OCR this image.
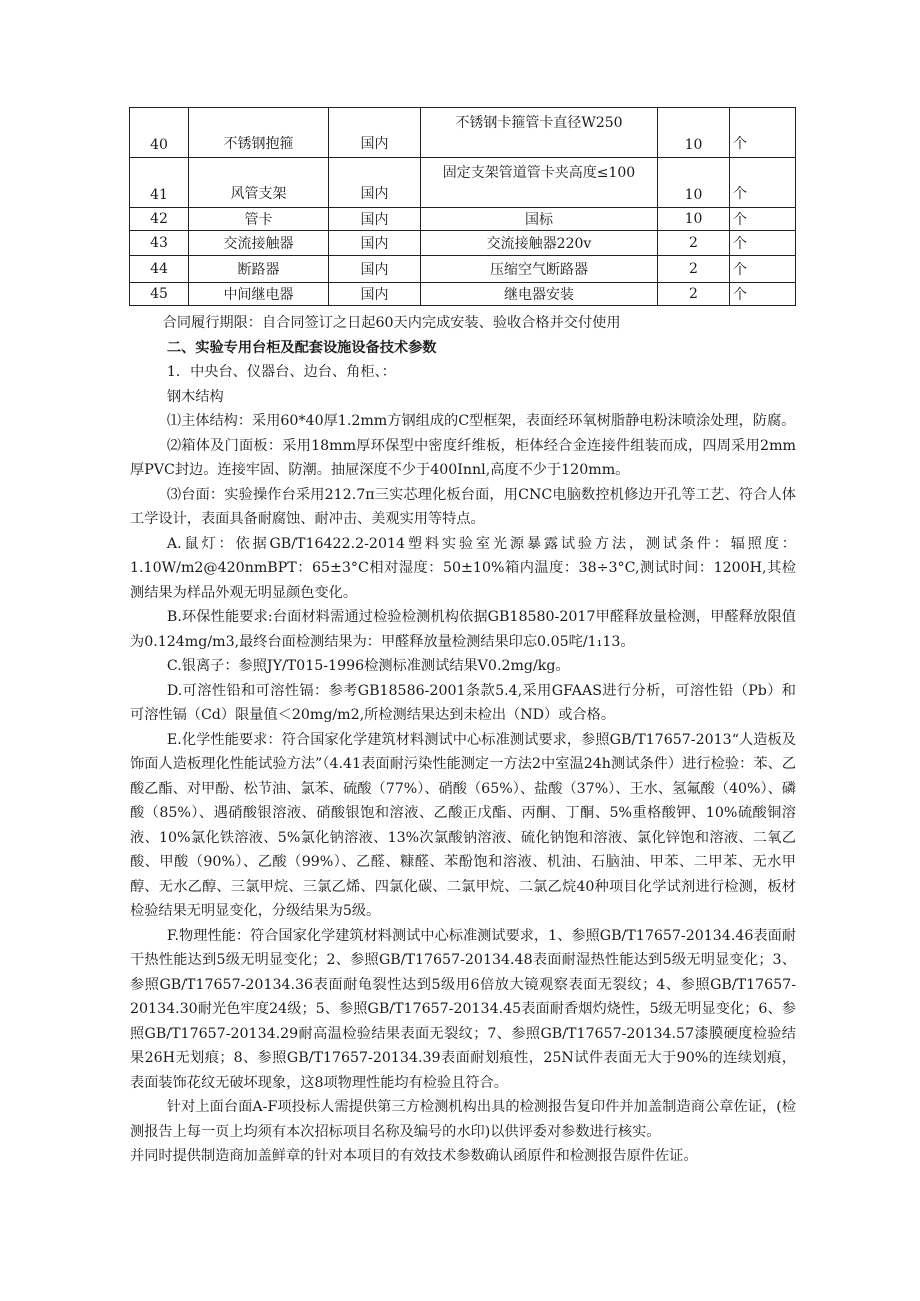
40	不锈钢抱箍	国内	不锈钢卡箍管卡直径W250	10	个
41	风管支架	国内	固定支架管道管卡夹高度≤100	10	个
42	管卡	国内	国标	10	个
43	交流接触器	国内	交流接触器220v	2	个
44	断路器	国内	压缩空气断路器	2	个
45	中间继电器	国内	继电器安装	2	个

合同履行期限：自合同签订之日起60天内完成安装、验收合格并交付使用

二、实验专用台柜及配套设施设备技术参数

1．中央台、仪器台、边台、角柜、：

钢木结构

⑴主体结构：采用60*40厚1.2mm方钢组成的C型框架，表面经环氧树脂静电粉沫喷涂处理，防腐。

⑵箱体及门面板：采用18mm厚环保型中密度纤维板，柜体经合金连接件组装而成，四周采用2mm厚PVC封边。连接牢固、防潮。抽屉深度不少于400Innl,高度不少于120mm。

⑶台面：实验操作台采用212.7π三实芯理化板台面，用CNC电脑数控机修边开孔等工艺、符合人体工学设计，表面具备耐腐蚀、耐冲击、美观实用等特点。

A.鼠灯：依据GB/T16422.2-2014塑料实验室光源暴露试验方法，测试条件：辐照度：1.10W/m2@420nmBPT：65±3°C相对湿度：50±10%箱内温度：38÷3°C,测试时间：1200H,其检测结果为样品外观无明显颜色变化。

B.环保性能要求:台面材料需通过检验检测机构依据GB18580-2017甲醛释放量检测，甲醛释放限值为0.124mg/m3,最终台面检测结果为：甲醛释放量检测结果印忘0.05咤/1₁13。

C.银离子：参照JY/T015-1996检测标准测试结果V0.2mg/kg。

D.可溶性铅和可溶性镉：参考GB18586-2001条款5.4,采用GFAAS进行分析，可溶性铅（Pb）和可溶性镉（Cd）限量值＜20mg/m2,所检测结果达到未检出（ND）或合格。

E.化学性能要求：符合国家化学建筑材料测试中心标准测试要求，参照GB/T17657-2013“人造板及饰面人造板理化性能试验方法”（4.41表面耐污染性能测定一方法2中室温24h测试条件）进行检验：苯、乙酸乙酯、对甲酚、松节油、氯苯、硫酸（77%）、硝酸（65%）、盐酸（37%）、王水、氢氟酸（40%）、磷酸（85%）、遇硝酸银溶液、硝酸银饱和溶液、乙酸正戊酯、丙酮、丁酮、5%重格酸钾、10%硫酸铜溶液、10%氯化铁溶液、5%氯化钠溶液、13%次氯酸钠溶液、硫化钠饱和溶液、氯化锌饱和溶液、二氧乙酸、甲酸（90%）、乙酸（99%）、乙醛、糠醛、苯酚饱和溶液、机油、石脑油、甲苯、二甲苯、无水甲醇、无水乙醇、三氯甲烷、三氯乙烯、四氯化碳、二氯甲烷、二氯乙烷40种项目化学试剂进行检测，板材检验结果无明显变化，分级结果为5级。

F.物理性能：符合国家化学建筑材料测试中心标准测试要求，1、参照GB/T17657-20134.46表面耐干热性能达到5级无明显变化；2、参照GB/T17657-20134.48表面耐湿热性能达到5级无明显变化；3、参照GB/T17657-20134.36表面耐龟裂性达到5级用6倍放大镜观察表面无裂纹；4、参照GB/T17657-20134.30耐光色牢度24级；5、参照GB/T17657-20134.45表面耐香烟灼烧性，5级无明显变化；6、参照GB/T17657-20134.29耐高温检验结果表面无裂纹；7、参照GB/T17657-20134.57漆膜硬度检验结果26H无划痕；8、参照GB/T17657-20134.39表面耐划痕性，25N试件表面无大于90%的连续划痕，表面装饰花纹无破坏现象，这8项物理性能均有检验且符合。

针对上面台面A-F项投标人需提供第三方检测机构出具的检测报告复印件并加盖制造商公章佐证，(检测报告上每一页上均须有本次招标项目名称及编号的水印)以供评委对参数进行核实。

并同时提供制造商加盖鲜章的针对本项目的有效技术参数确认函原件和检测报告原件佐证。
